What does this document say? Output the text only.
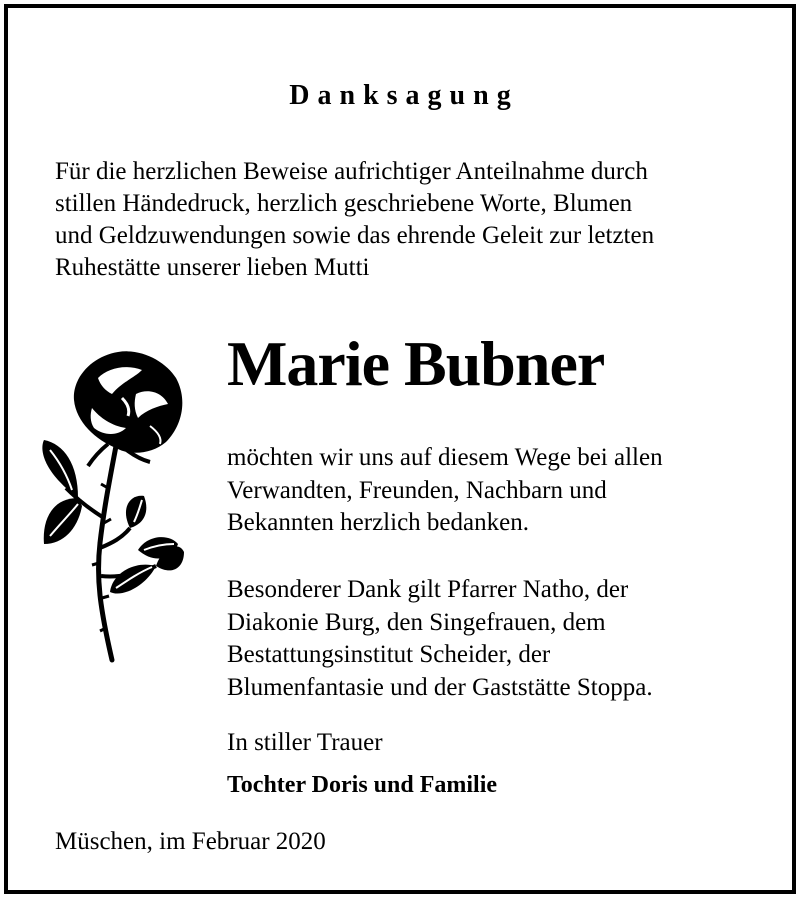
Danksagung
Für die herzlichen Beweise aufrichtiger Anteilnahme durch
stillen Händedruck, herzlich geschriebene Worte, Blumen
und Geldzuwendungen sowie das ehrende Geleit zur letzten
Ruhestätte unserer lieben Mutti
Marie Bubner
möchten wir uns auf diesem Wege bei allen
Verwandten, Freunden, Nachbarn und
Bekannten herzlich bedanken.
Besonderer Dank gilt Pfarrer Natho, der
Diakonie Burg, den Singefrauen, dem
Bestattungsinstitut Scheider, der
Blumenfantasie und der Gaststätte Stoppa.
In stiller Trauer
Tochter Doris und Familie
Müschen, im Februar 2020
